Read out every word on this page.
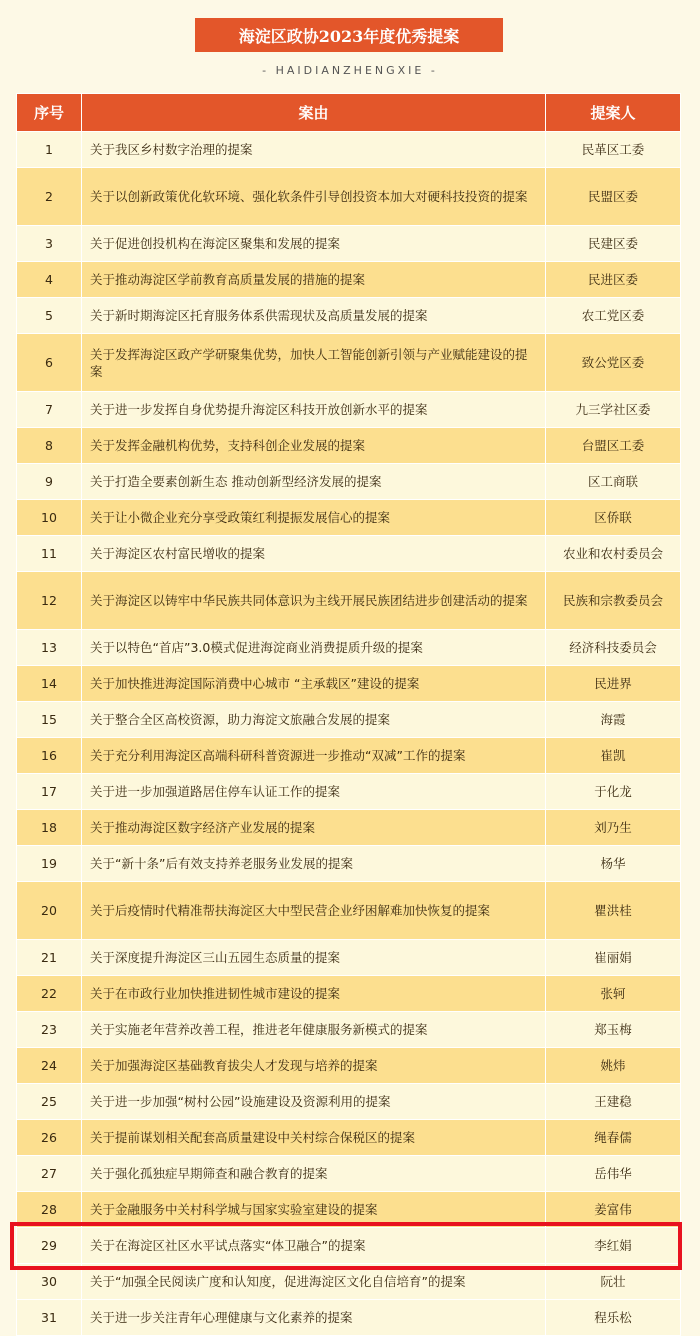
海淀区政协2023年度优秀提案
- HAIDIANZHENGXIE -
序号	案由	提案人
1	关于我区乡村数字治理的提案	民革区工委
2	关于以创新政策优化软环境、强化软条件引导创投资本加大对硬科技投资的提案	民盟区委
3	关于促进创投机构在海淀区聚集和发展的提案	民建区委
4	关于推动海淀区学前教育高质量发展的措施的提案	民进区委
5	关于新时期海淀区托育服务体系供需现状及高质量发展的提案	农工党区委
6	关于发挥海淀区政产学研聚集优势，加快人工智能创新引领与产业赋能建设的提案	致公党区委
7	关于进一步发挥自身优势提升海淀区科技开放创新水平的提案	九三学社区委
8	关于发挥金融机构优势，支持科创企业发展的提案	台盟区工委
9	关于打造全要素创新生态 推动创新型经济发展的提案	区工商联
10	关于让小微企业充分享受政策红利提振发展信心的提案	区侨联
11	关于海淀区农村富民增收的提案	农业和农村委员会
12	关于海淀区以铸牢中华民族共同体意识为主线开展民族团结进步创建活动的提案	民族和宗教委员会
13	关于以特色“首店”3.0模式促进海淀商业消费提质升级的提案	经济科技委员会
14	关于加快推进海淀国际消费中心城市 “主承载区”建设的提案	民进界
15	关于整合全区高校资源，助力海淀文旅融合发展的提案	海霞
16	关于充分利用海淀区高端科研科普资源进一步推动“双减”工作的提案	崔凯
17	关于进一步加强道路居住停车认证工作的提案	于化龙
18	关于推动海淀区数字经济产业发展的提案	刘乃生
19	关于“新十条”后有效支持养老服务业发展的提案	杨华
20	关于后疫情时代精准帮扶海淀区大中型民营企业纾困解难加快恢复的提案	瞿洪桂
21	关于深度提升海淀区三山五园生态质量的提案	崔丽娟
22	关于在市政行业加快推进韧性城市建设的提案	张轲
23	关于实施老年营养改善工程，推进老年健康服务新模式的提案	郑玉梅
24	关于加强海淀区基础教育拔尖人才发现与培养的提案	姚炜
25	关于进一步加强“树村公园”设施建设及资源利用的提案	王建稳
26	关于提前谋划相关配套高质量建设中关村综合保税区的提案	绳春儒
27	关于强化孤独症早期筛查和融合教育的提案	岳伟华
28	关于金融服务中关村科学城与国家实验室建设的提案	姜富伟
29	关于在海淀区社区水平试点落实“体卫融合”的提案	李红娟
30	关于“加强全民阅读广度和认知度，促进海淀区文化自信培育”的提案	阮壮
31	关于进一步关注青年心理健康与文化素养的提案	程乐松
